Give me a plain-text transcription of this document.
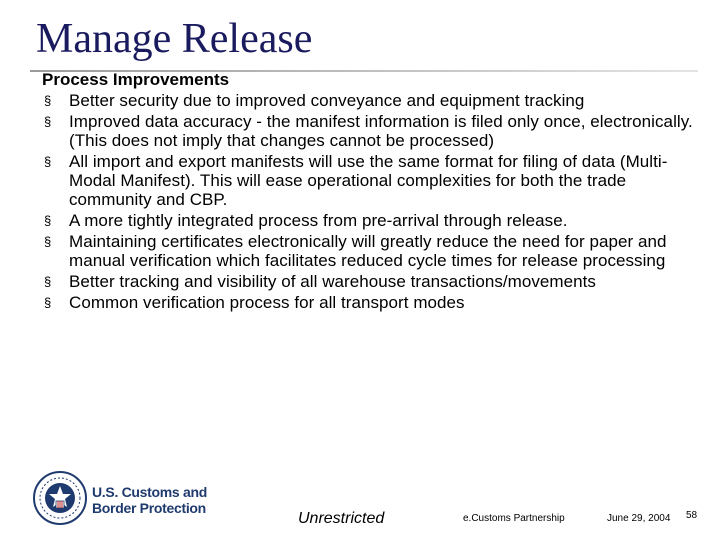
Manage Release
Process Improvements
§ Better security due to improved conveyance and equipment tracking
§ Improved data accuracy - the manifest information is filed only once, electronically. (This does not imply that changes cannot be processed)
§ All import and export manifests will use the same format for filing of data (Multi-Modal Manifest). This will ease operational complexities for both the trade community and CBP.
§ A more tightly integrated process from pre-arrival through release.
§ Maintaining certificates electronically will greatly reduce the need for paper and manual verification which facilitates reduced cycle times for release processing
§ Better tracking and visibility of all warehouse transactions/movements
§ Common verification process for all transport modes
U.S. Customs and
Border Protection
Unrestricted	e.Customs Partnership	June 29, 2004 58
